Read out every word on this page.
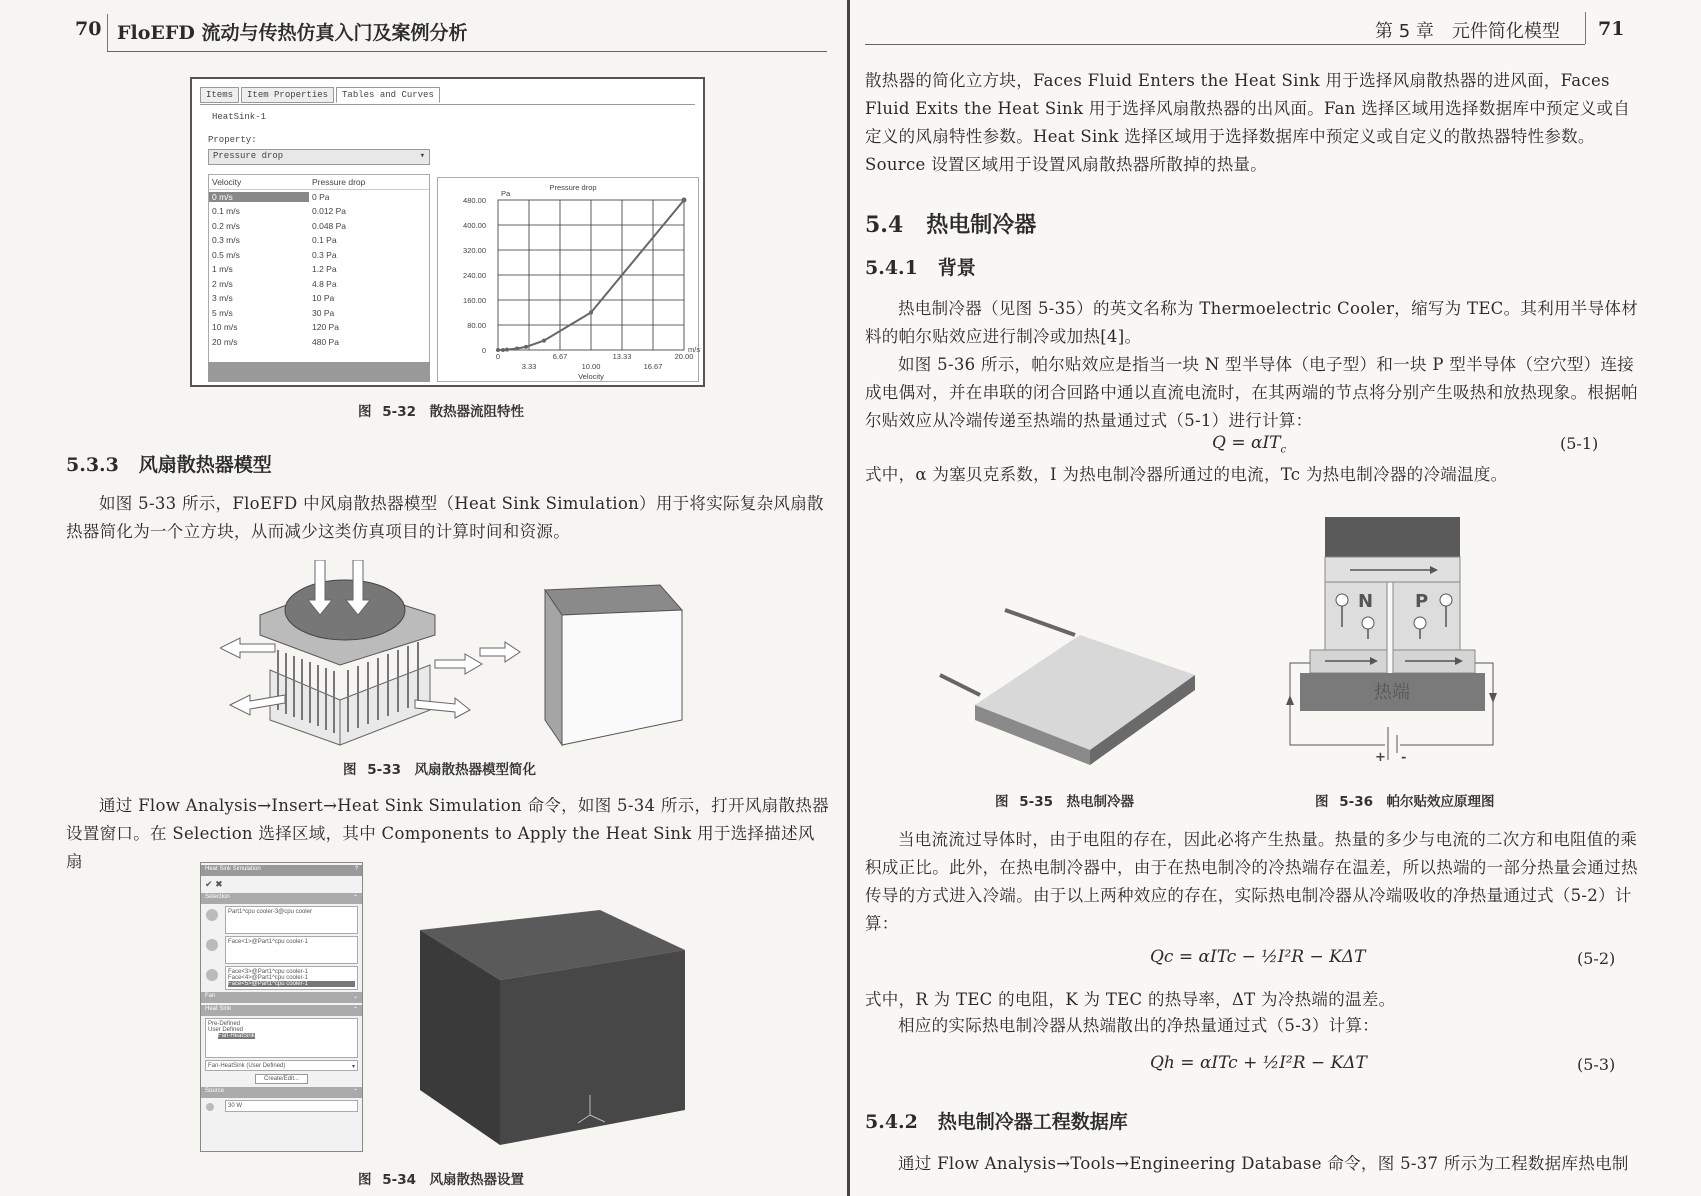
70 FloEFD 流动与传热仿真入门及案例分析
Items	Item Properties	Tables and Curves
HeatSink-1
Property:
Pressure drop	▾
Velocity	Pressure drop
0 m/s	0 Pa
0.1 m/s	0.012 Pa
0.2 m/s	0.048 Pa
0.3 m/s	0.1 Pa
0.5 m/s	0.3 Pa
1 m/s	1.2 Pa
2 m/s	4.8 Pa
3 m/s	10 Pa
5 m/s	30 Pa
10 m/s	120 Pa
20 m/s	480 Pa
Pressure drop
Pa
0
80.00
160.00
240.00
320.00
400.00
480.00
0
3.33
6.67
10.00
13.33
16.67
20.00
m/s
Velocity
图 5-32　散热器流阻特性
5.3.3 风扇散热器模型

如图 5-33 所示，FloEFD 中风扇散热器模型（Heat Sink Simulation）用于将实际复杂风扇散热器简化为一个立方块，从而减少这类仿真项目的计算时间和资源。

图 5-33　风扇散热器模型简化

通过 Flow Analysis→Insert→Heat Sink Simulation 命令，如图 5-34 所示，打开风扇散热器设置窗口。在 Selection 选择区域，其中 Components to Apply the Heat Sink 用于选择描述风扇	Heat Sink Simulation	?
✔ ✖
Selection	⌃
Part1^cpu cooler-3@cpu cooler
Face<1>@Part1^cpu cooler-1
Face<3>@Part1^cpu cooler-1
Face<4>@Part1^cpu cooler-1
Face<5>@Part1^cpu cooler-1
Fan	⌄
Heat Sink	⌃
Pre-Defined
User Defined
Fan-HeatSink
Fan-HeatSink (User Defined)	▾
Create/Edit...
Source	⌃
30 W
图 5-34　风扇散热器设置
第 5 章　元件简化模型 71
散热器的简化立方块，Faces Fluid Enters the Heat Sink 用于选择风扇散热器的进风面，Faces Fluid Exits the Heat Sink 用于选择风扇散热器的出风面。Fan 选择区域用选择数据库中预定义或自定义的风扇特性参数。Heat Sink 选择区域用于选择数据库中预定义或自定义的散热器特性参数。Source 设置区域用于设置风扇散热器所散掉的热量。
5.4 热电制冷器
5.4.1 背景

热电制冷器（见图 5-35）的英文名称为 Thermoelectric Cooler，缩写为 TEC。其利用半导体材料的帕尔贴效应进行制冷或加热[4]。

如图 5-36 所示，帕尔贴效应是指当一块 N 型半导体（电子型）和一块 P 型半导体（空穴型）连接成电偶对，并在串联的闭合回路中通以直流电流时，在其两端的节点将分别产生吸热和放热现象。根据帕尔贴效应从冷端传递至热端的热量通过式（5-1）进行计算：

Q = αIT$_c$	(5-1)
式中，α 为塞贝克系数，I 为热电制冷器所通过的电流，Tc 为热电制冷器的冷端温度。
图 5-35　热电制冷器
热端
N P
+ -
图 5-36　帕尔贴效应原理图

当电流流过导体时，由于电阻的存在，因此必将产生热量。热量的多少与电流的二次方和电阻值的乘积成正比。此外，在热电制冷器中，由于在热电制冷的冷热端存在温差，所以热端的一部分热量会通过热传导的方式进入冷端。由于以上两种效应的存在，实际热电制冷器从冷端吸收的净热量通过式（5-2）计算：

Qc = αITc − ½I²R − KΔT	(5-2)
式中，R 为 TEC 的电阻，K 为 TEC 的热导率，ΔT 为冷热端的温差。

相应的实际热电制冷器从热端散出的净热量通过式（5-3）计算：

Qh = αITc + ½I²R − KΔT	(5-3)
5.4.2 热电制冷器工程数据库

通过 Flow Analysis→Tools→Engineering Database 命令，图 5-37 所示为工程数据库热电制
